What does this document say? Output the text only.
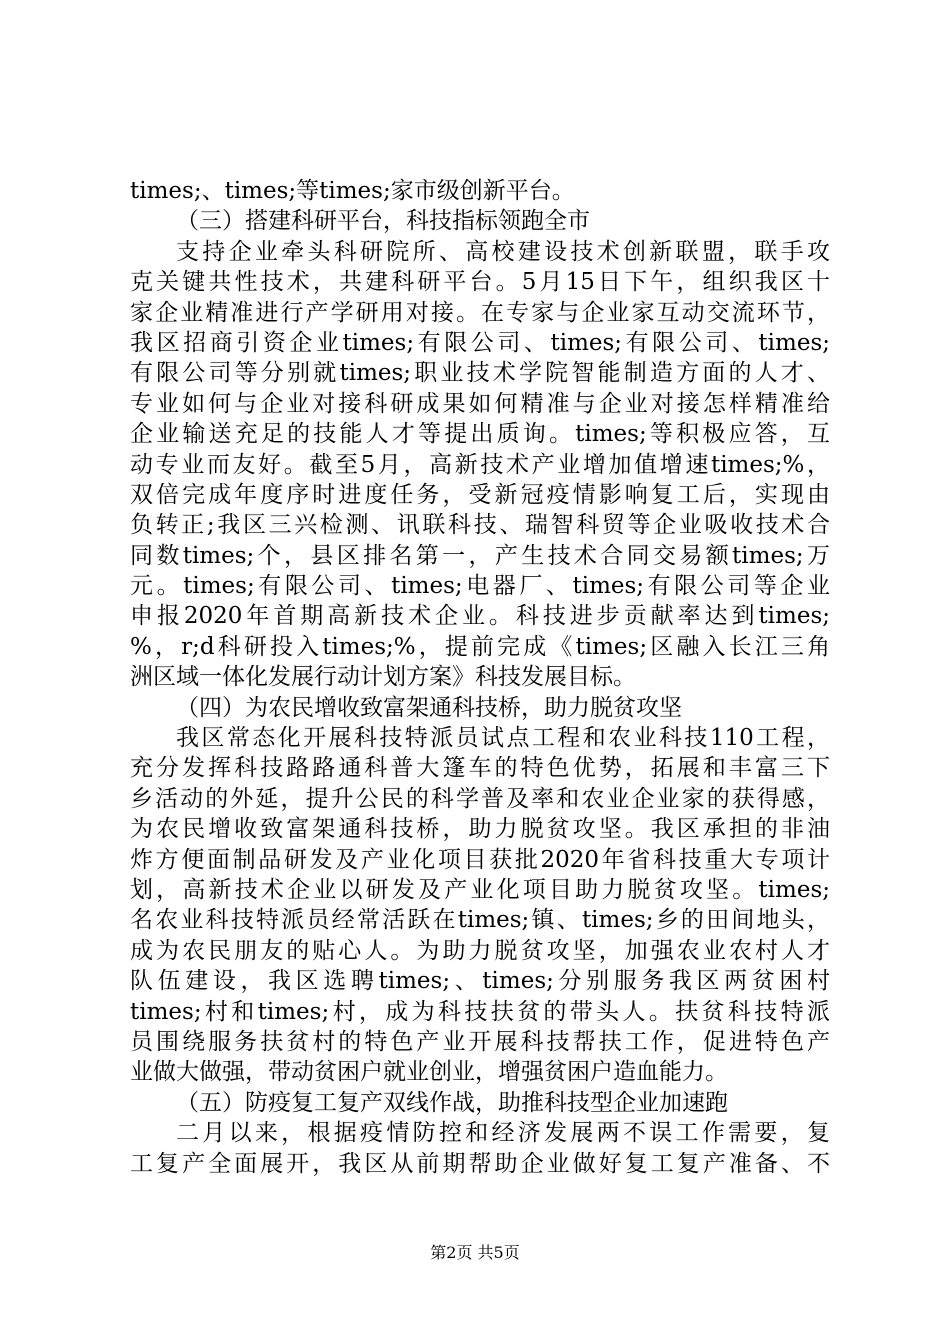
times;、times;等times;家市级创新平台。
（三）搭建科研平台，科技指标领跑全市
支持企业牵头科研院所、高校建设技术创新联盟，联手攻
克关键共性技术，共建科研平台。5月15日下午，组织我区十
家企业精准进行产学研用对接。在专家与企业家互动交流环节，
我区招商引资企业times;有限公司、times;有限公司、times;
有限公司等分别就times;职业技术学院智能制造方面的人才、
专业如何与企业对接科研成果如何精准与企业对接怎样精准给
企业输送充足的技能人才等提出质询。times;等积极应答，互
动专业而友好。截至5月，高新技术产业增加值增速times;%，
双倍完成年度序时进度任务，受新冠疫情影响复工后，实现由
负转正;我区三兴检测、讯联科技、瑞智科贸等企业吸收技术合
同数times;个，县区排名第一，产生技术合同交易额times;万
元。times;有限公司、times;电器厂、times;有限公司等企业
申报2020年首期高新技术企业。科技进步贡献率达到times;
%，r;d科研投入times;%，提前完成《times;区融入长江三角
洲区域一体化发展行动计划方案》科技发展目标。
（四）为农民增收致富架通科技桥，助力脱贫攻坚
我区常态化开展科技特派员试点工程和农业科技110工程，
充分发挥科技路路通科普大篷车的特色优势，拓展和丰富三下
乡活动的外延，提升公民的科学普及率和农业企业家的获得感，
为农民增收致富架通科技桥，助力脱贫攻坚。我区承担的非油
炸方便面制品研发及产业化项目获批2020年省科技重大专项计
划，高新技术企业以研发及产业化项目助力脱贫攻坚。times;
名农业科技特派员经常活跃在times;镇、times;乡的田间地头，
成为农民朋友的贴心人。为助力脱贫攻坚，加强农业农村人才
队伍建设，我区选聘times;、times;分别服务我区两贫困村
times;村和times;村，成为科技扶贫的带头人。扶贫科技特派
员围绕服务扶贫村的特色产业开展科技帮扶工作，促进特色产
业做大做强，带动贫困户就业创业，增强贫困户造血能力。
（五）防疫复工复产双线作战，助推科技型企业加速跑
二月以来，根据疫情防控和经济发展两不误工作需要，复
工复产全面展开，我区从前期帮助企业做好复工复产准备、不
第2页 共5页
